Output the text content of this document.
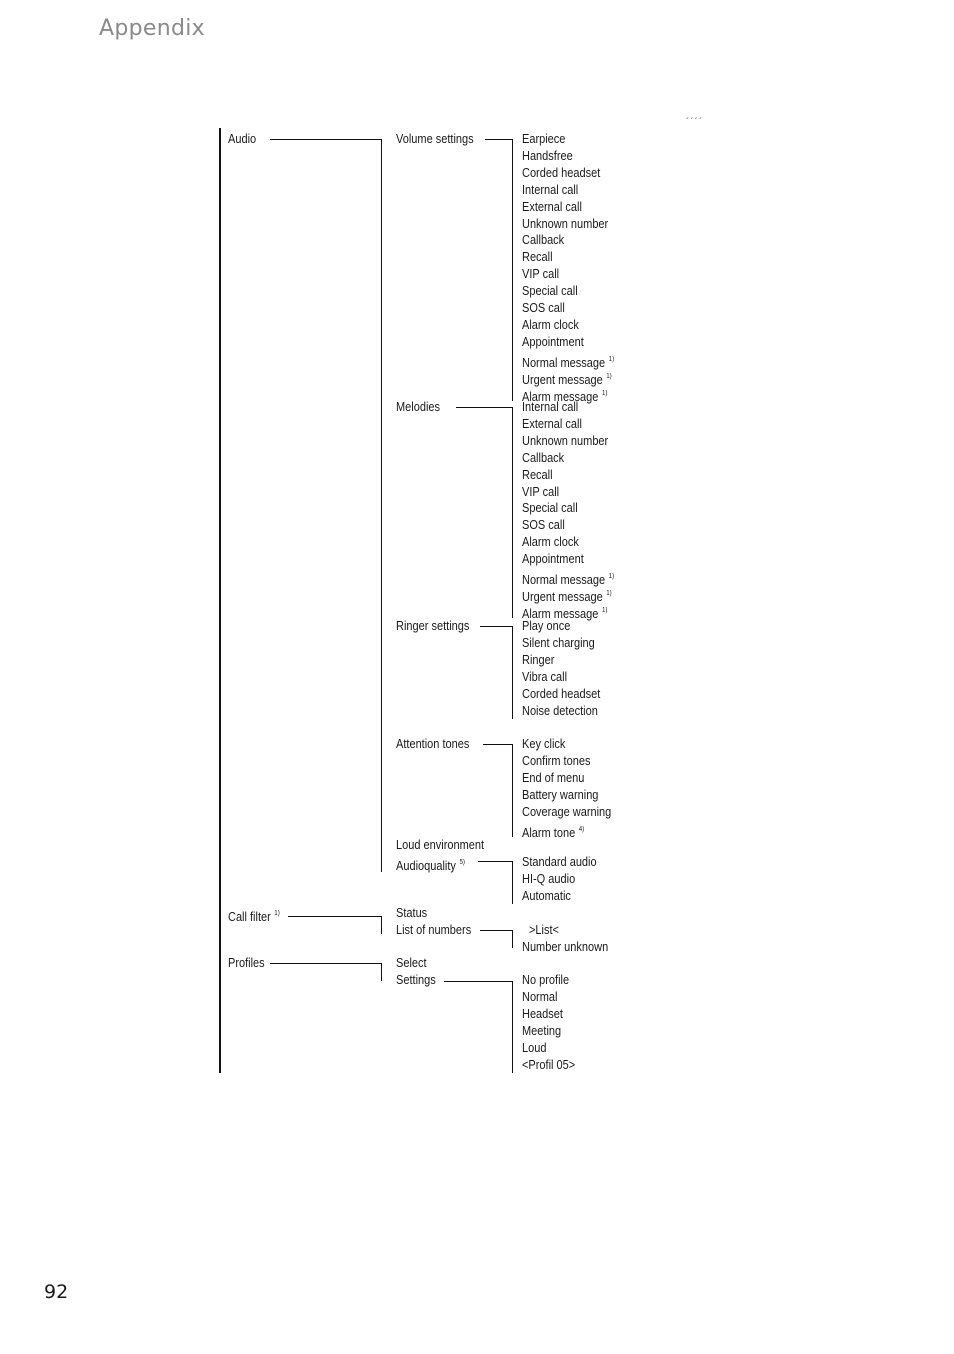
Appendix
´´´´
92
Audio	Volume settings	Earpiece
Handsfree
Corded headset
Internal call
External call
Unknown number
Callback
Recall
VIP call
Special call
SOS call
Alarm clock
Appointment
Normal message $^{1)}$
Urgent message $^{1)}$
Alarm message $^{1)}$
Melodies	Internal call
External call
Unknown number
Callback
Recall
VIP call
Special call
SOS call
Alarm clock
Appointment
Normal message $^{1)}$
Urgent message $^{1)}$
Alarm message $^{1)}$
Ringer settings	Play once
Silent charging
Ringer
Vibra call
Corded headset
Noise detection
Attention tones	Key click
Confirm tones
End of menu
Battery warning
Coverage warning
Alarm tone $^{4)}$
Loud environment
Audioquality $^{5)}$	Standard audio
HI-Q audio
Automatic
Call filter $^{1)}$	Status
List of numbers	>List<
Number unknown
Profiles	Select
Settings	No profile
Normal
Headset
Meeting
Loud
<Profil 05>
